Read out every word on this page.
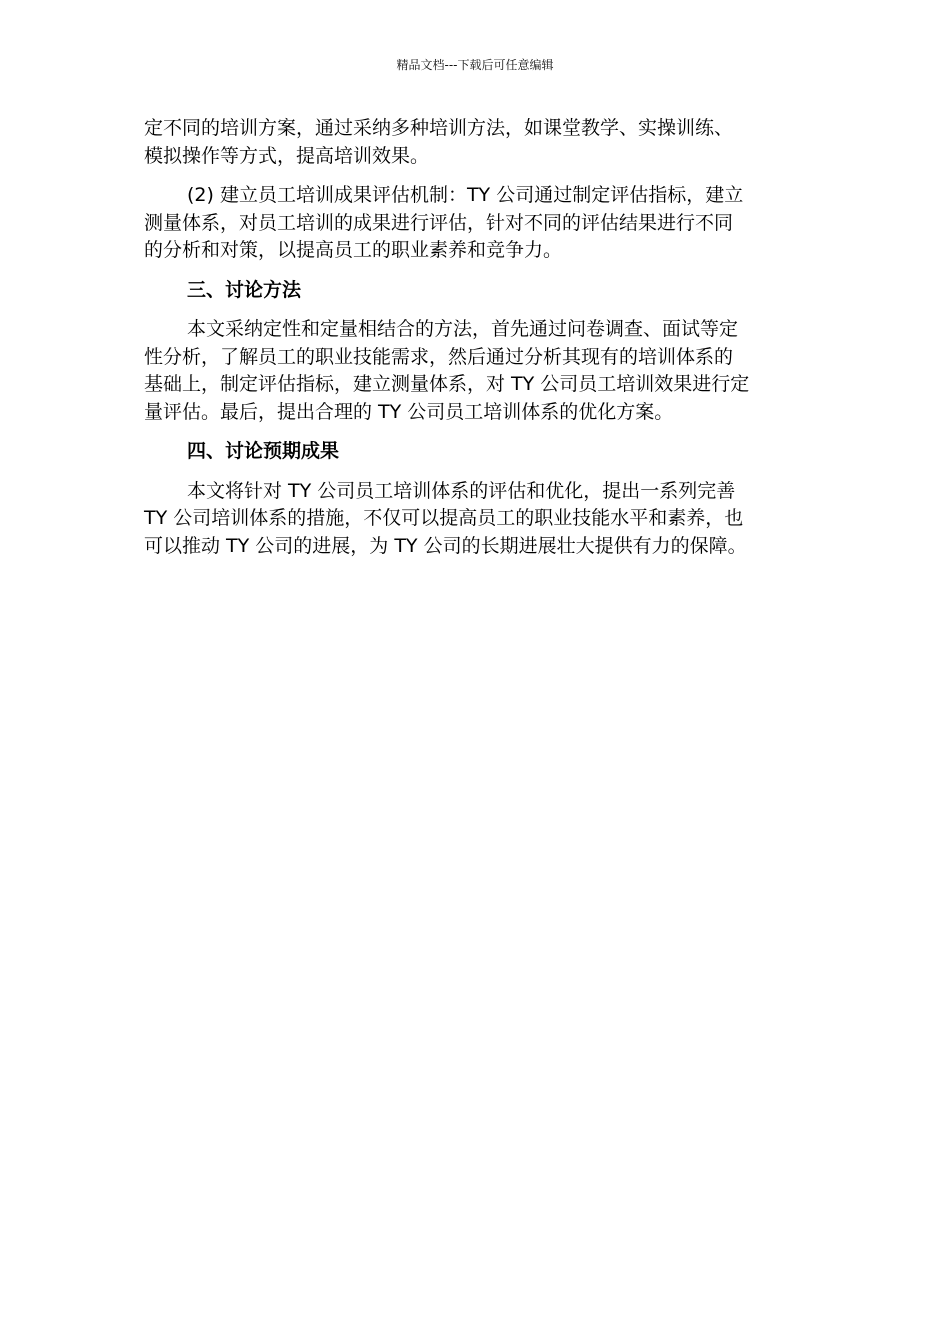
精品文档---下载后可任意编辑

定不同的培训方案，通过采纳多种培训方法，如课堂教学、实操训练、
模拟操作等方式，提高培训效果。

(2) 建立员工培训成果评估机制：TY 公司通过制定评估指标，建立
测量体系，对员工培训的成果进行评估，针对不同的评估结果进行不同
的分析和对策，以提高员工的职业素养和竞争力。

三、讨论方法

本文采纳定性和定量相结合的方法，首先通过问卷调查、面试等定
性分析，了解员工的职业技能需求，然后通过分析其现有的培训体系的
基础上，制定评估指标，建立测量体系，对 TY 公司员工培训效果进行定
量评估。最后，提出合理的 TY 公司员工培训体系的优化方案。

四、讨论预期成果

本文将针对 TY 公司员工培训体系的评估和优化，提出一系列完善
TY 公司培训体系的措施，不仅可以提高员工的职业技能水平和素养，也
可以推动 TY 公司的进展，为 TY 公司的长期进展壮大提供有力的保障。
